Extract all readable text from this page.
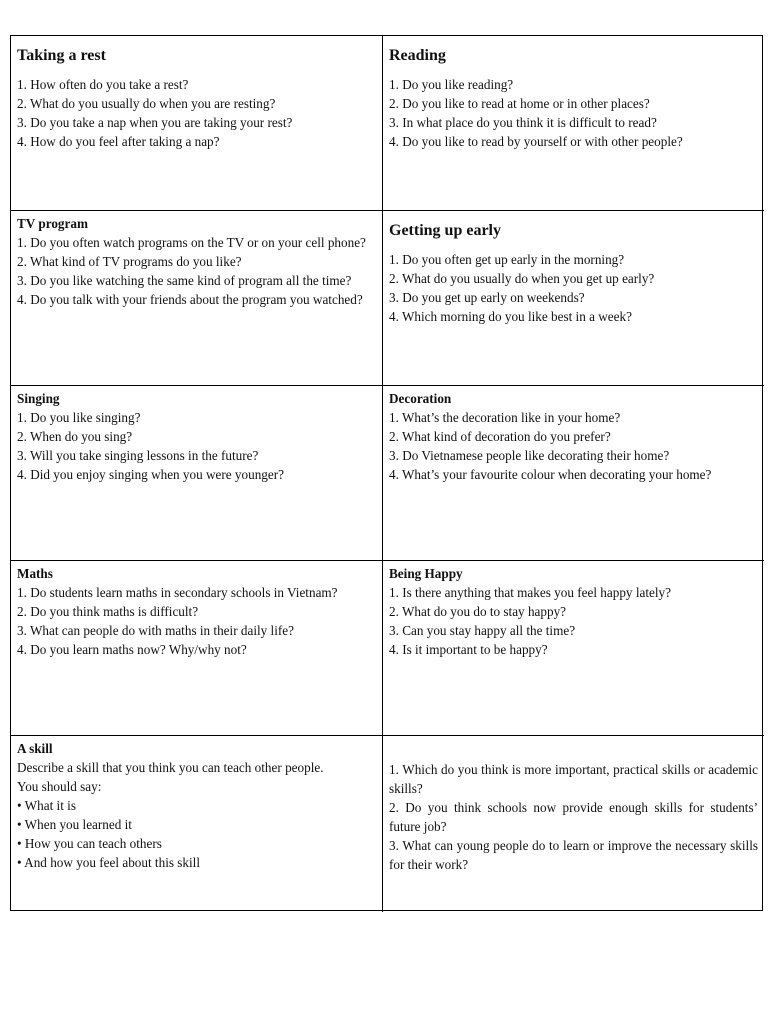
Taking a rest
1. How often do you take a rest?
2. What do you usually do when you are resting?
3. Do you take a nap when you are taking your rest?
4. How do you feel after taking a nap?
Reading
1. Do you like reading?
2. Do you like to read at home or in other places?
3. In what place do you think it is difficult to read?
4. Do you like to read by yourself or with other people?
TV program
1. Do you often watch programs on the TV or on your cell phone?
2. What kind of TV programs do you like?
3. Do you like watching the same kind of program all the time?
4. Do you talk with your friends about the program you watched?
Getting up early
1. Do you often get up early in the morning?
2. What do you usually do when you get up early?
3. Do you get up early on weekends?
4. Which morning do you like best in a week?
Singing
1. Do you like singing?
2. When do you sing?
3. Will you take singing lessons in the future?
4. Did you enjoy singing when you were younger?
Decoration
1. What’s the decoration like in your home?
2. What kind of decoration do you prefer?
3. Do Vietnamese people like decorating their home?
4. What’s your favourite colour when decorating your home?
Maths
1. Do students learn maths in secondary schools in Vietnam?
2. Do you think maths is difficult?
3. What can people do with maths in their daily life?
4. Do you learn maths now? Why/why not?
Being Happy
1. Is there anything that makes you feel happy lately?
2. What do you do to stay happy?
3. Can you stay happy all the time?
4. Is it important to be happy?
A skill
Describe a skill that you think you can teach other people.
You should say:
• What it is
• When you learned it
• How you can teach others
• And how you feel about this skill
1. Which do you think is more important, practical skills or academic skills?
2. Do you think schools now provide enough skills for students’ future job?
3. What can young people do to learn or improve the necessary skills for their work?
